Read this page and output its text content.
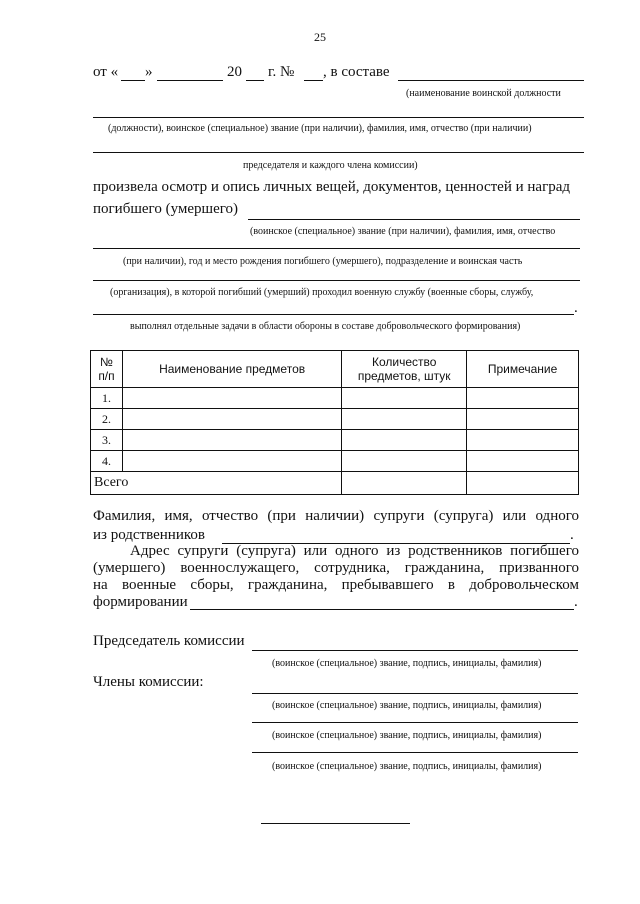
25
от « »	20 г. № , в составе
(наименование воинской должности
(должности), воинское (специальное) звание (при наличии), фамилия, имя, отчество (при наличии)
председателя и каждого члена комиссии)
произвела осмотр и опись личных вещей, документов, ценностей и наград
погибшего (умершего)
(воинское (специальное) звание (при наличии), фамилия, имя, отчество
(при наличии), год и место рождения погибшего (умершего), подразделение и воинская часть
(организация), в которой погибший (умерший) проходил военную службу (военные сборы, службу,
.
выполнял отдельные задачи в области обороны в составе добровольческого формирования)
№ п/п	Наименование предметов	Количество предметов, штук	Примечание
1.			
2.			
3.			
4.			
Всего			
Фамилия, имя, отчество (при наличии) супруги (супруга) или одного
из родственников	.
Адрес супруги (супруга) или одного из родственников погибшего
(умершего) военнослужащего, сотрудника, гражданина, призванного
на военные сборы, гражданина, пребывавшего в добровольческом
формировании	.
Председатель комиссии
(воинское (специальное) звание, подпись, инициалы, фамилия)
Члены комиссии:
(воинское (специальное) звание, подпись, инициалы, фамилия)
(воинское (специальное) звание, подпись, инициалы, фамилия)
(воинское (специальное) звание, подпись, инициалы, фамилия)
